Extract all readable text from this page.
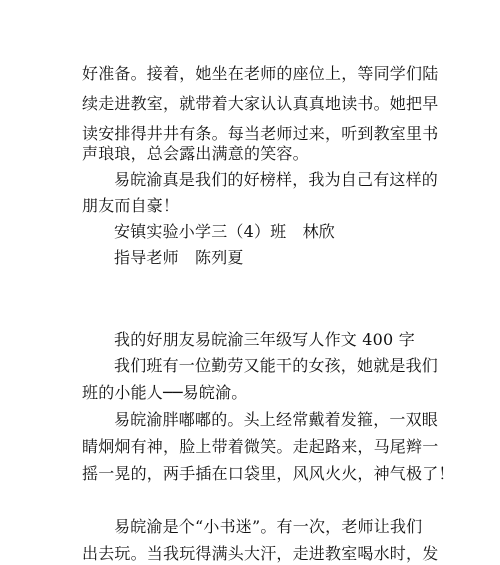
好准备。接着，她坐在老师的座位上，等同学们陆
续走进教室，就带着大家认认真真地读书。她把早
读安排得井井有条。每当老师过来，听到教室里书
声琅琅，总会露出满意的笑容。
易皖渝真是我们的好榜样，我为自己有这样的
朋友而自豪！
安镇实验小学三（4）班　林欣
指导老师　陈列夏
我的好朋友易皖渝三年级写人作文 400 字
我们班有一位勤劳又能干的女孩，她就是我们
班的小能人──易皖渝。
易皖渝胖嘟嘟的。头上经常戴着发箍，一双眼
睛炯炯有神，脸上带着微笑。走起路来，马尾辫一
摇一晃的，两手插在口袋里，风风火火，神气极了！
易皖渝是个“小书迷”。有一次，老师让我们
出去玩。当我玩得满头大汗，走进教室喝水时，发
